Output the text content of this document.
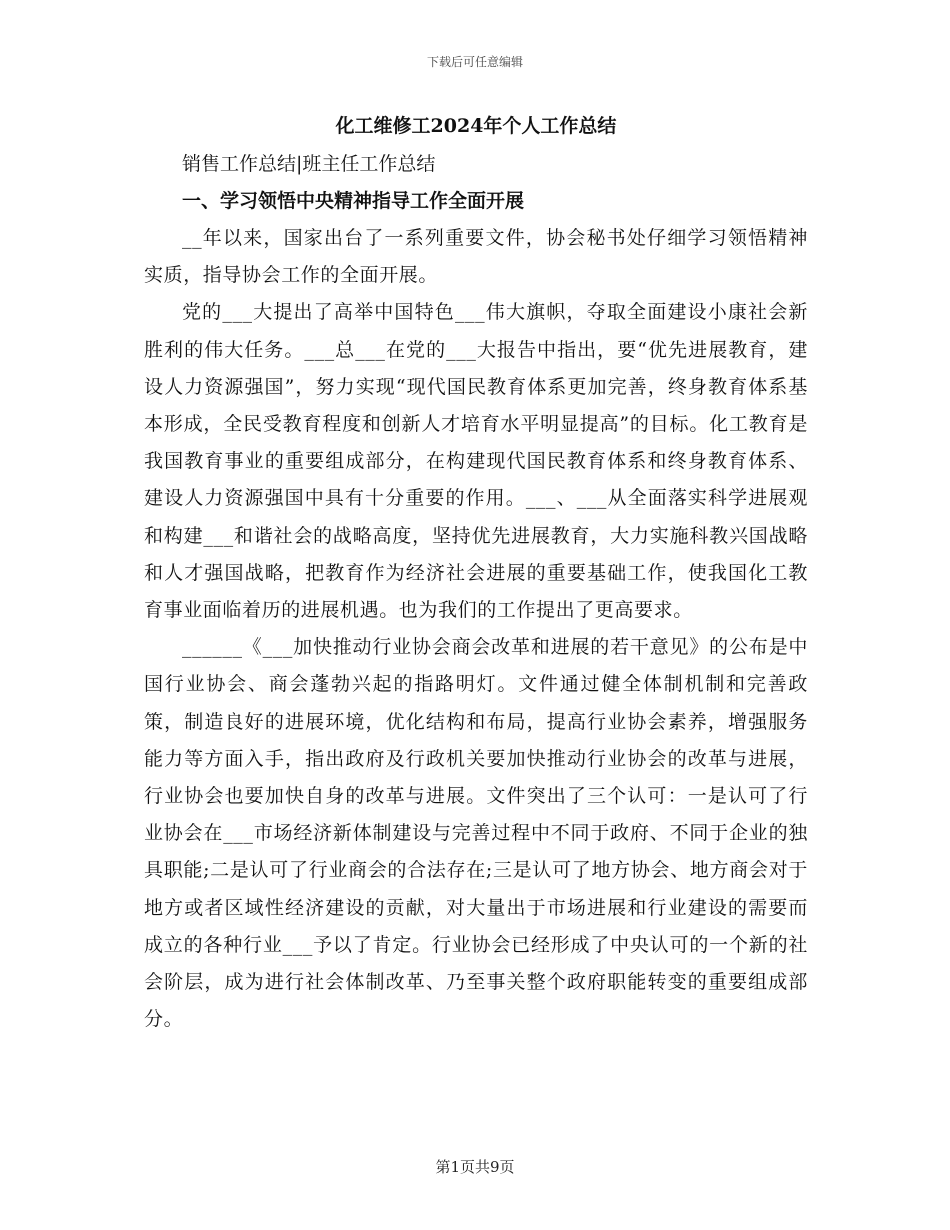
下载后可任意编辑
化工维修工2024年个人工作总结

销售工作总结|班主任工作总结

一、学习领悟中央精神指导工作全面开展

__年以来，国家出台了一系列重要文件，协会秘书处仔细学习领悟精神实质，指导协会工作的全面开展。

党的___大提出了高举中国特色___伟大旗帜，夺取全面建设小康社会新胜利的伟大任务。___总___在党的___大报告中指出，要“优先进展教育，建设人力资源强国”，努力实现“现代国民教育体系更加完善，终身教育体系基本形成，全民受教育程度和创新人才培育水平明显提高”的目标。化工教育是我国教育事业的重要组成部分，在构建现代国民教育体系和终身教育体系、建设人力资源强国中具有十分重要的作用。___、___从全面落实科学进展观和构建___和谐社会的战略高度，坚持优先进展教育，大力实施科教兴国战略和人才强国战略，把教育作为经济社会进展的重要基础工作，使我国化工教育事业面临着历的进展机遇。也为我们的工作提出了更高要求。

______《___加快推动行业协会商会改革和进展的若干意见》的公布是中国行业协会、商会蓬勃兴起的指路明灯。文件通过健全体制机制和完善政策，制造良好的进展环境，优化结构和布局，提高行业协会素养，增强服务能力等方面入手，指出政府及行政机关要加快推动行业协会的改革与进展，行业协会也要加快自身的改革与进展。文件突出了三个认可：一是认可了行业协会在___市场经济新体制建设与完善过程中不同于政府、不同于企业的独具职能;二是认可了行业商会的合法存在;三是认可了地方协会、地方商会对于地方或者区域性经济建设的贡献，对大量出于市场进展和行业建设的需要而成立的各种行业___予以了肯定。行业协会已经形成了中央认可的一个新的社会阶层，成为进行社会体制改革、乃至事关整个政府职能转变的重要组成部分。

第1页共9页
